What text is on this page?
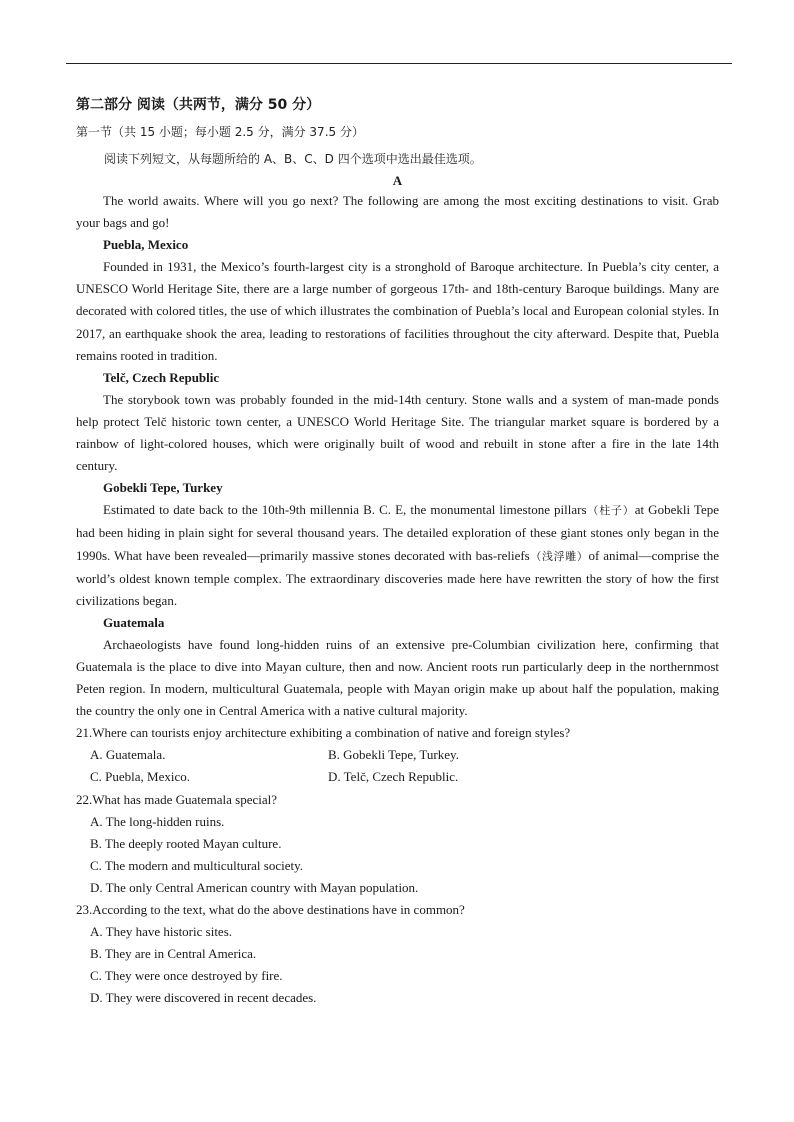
第二部分 阅读（共两节，满分 50 分）

第一节（共 15 小题；每小题 2.5 分，满分 37.5 分）

阅读下列短文，从每题所给的 A、B、C、D 四个选项中选出最佳选项。

A

The world awaits. Where will you go next? The following are among the most exciting destinations to visit. Grab your bags and go!

Puebla, Mexico

Founded in 1931, the Mexico’s fourth-largest city is a stronghold of Baroque architecture. In Puebla’s city center, a UNESCO World Heritage Site, there are a large number of gorgeous 17th- and 18th-century Baroque buildings. Many are decorated with colored titles, the use of which illustrates the combination of Puebla’s local and European colonial styles. In 2017, an earthquake shook the area, leading to restorations of facilities throughout the city afterward. Despite that, Puebla remains rooted in tradition.

Telč, Czech Republic

The storybook town was probably founded in the mid-14th century. Stone walls and a system of man-made ponds help protect Telč historic town center, a UNESCO World Heritage Site. The triangular market square is bordered by a rainbow of light-colored houses, which were originally built of wood and rebuilt in stone after a fire in the late 14th century.

Gobekli Tepe, Turkey

Estimated to date back to the 10th-9th millennia B. C. E, the monumental limestone pillars（柱子）at Gobekli Tepe had been hiding in plain sight for several thousand years. The detailed exploration of these giant stones only began in the 1990s. What have been revealed—primarily massive stones decorated with bas-reliefs（浅浮雕）of animal—comprise the world’s oldest known temple complex. The extraordinary discoveries made here have rewritten the story of how the first civilizations began.

Guatemala

Archaeologists have found long-hidden ruins of an extensive pre-Columbian civilization here, confirming that Guatemala is the place to dive into Mayan culture, then and now. Ancient roots run particularly deep in the northernmost Peten region. In modern, multicultural Guatemala, people with Mayan origin make up about half the population, making the country the only one in Central America with a native cultural majority.

21.Where can tourists enjoy architecture exhibiting a combination of native and foreign styles?

A. Guatemala.	B. Gobekli Tepe, Turkey.
C. Puebla, Mexico.	D. Telč, Czech Republic.

22.What has made Guatemala special?

A. The long-hidden ruins.

B. The deeply rooted Mayan culture.

C. The modern and multicultural society.

D. The only Central American country with Mayan population.

23.According to the text, what do the above destinations have in common?

A. They have historic sites.

B. They are in Central America.

C. They were once destroyed by fire.

D. They were discovered in recent decades.
